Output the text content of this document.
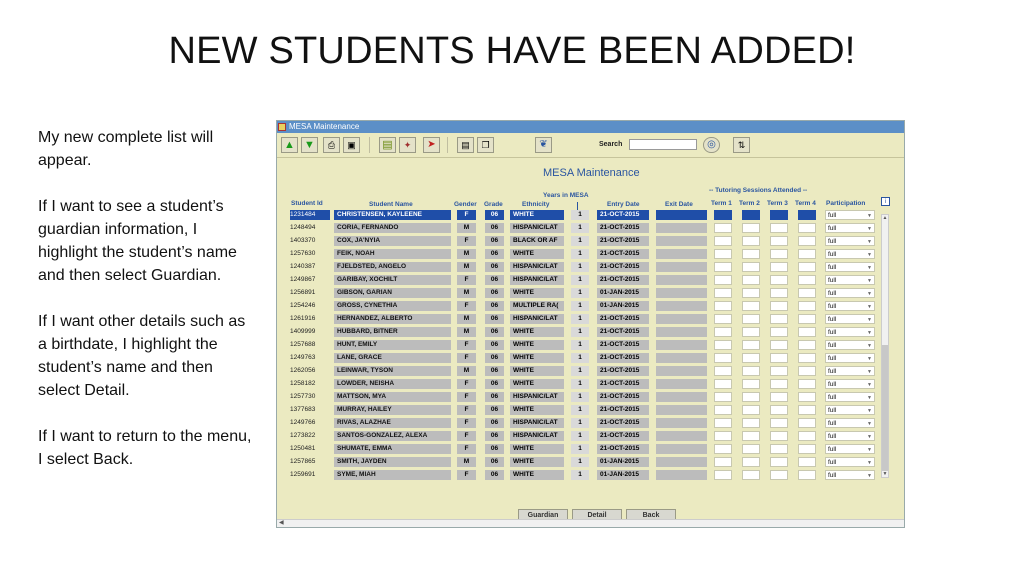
NEW STUDENTS HAVE BEEN ADDED!

My new complete list will appear.

If I want to see a student’s guardian information, I highlight the student’s name and then select Guardian.

If I want other details such as a birthdate, I highlight the student’s name and then select Detail.

If I want to return to the menu, I select Back.

MESA Maintenance
▲ ▼	⎙	▣	▤	✦	➤	▤	❐	❦	Search	◎	⇅
MESA Maintenance
Student Id	Student Name	Gender Grade	Ethnicity
Years in MESA
Entry Date	Exit Date
-- Tutoring Sessions Attended --
Term 1 Term 2 Term 3 Term 4 Participation	i
1231484	CHRISTENSEN, KAYLEENE	F	06	WHITE	1	21-OCT-2015	full	▼
1248494	CORIA, FERNANDO	M	06	HISPANIC/LAT	1	21-OCT-2015	full	▼
1403370	COX, JA'NYIA	F	06	BLACK OR AF	1	21-OCT-2015	full	▼
1257630	FEIK, NOAH	M	06	WHITE	1	21-OCT-2015	full	▼
1240387	FJELDSTED, ANGELO	M	06	HISPANIC/LAT	1	21-OCT-2015	full	▼
1249867	GARIBAY, XOCHILT	F	06	HISPANIC/LAT	1	21-OCT-2015	full	▼
1256891	GIBSON, GARIAN	M	06	WHITE	1	01-JAN-2015	full	▼
1254246	GROSS, CYNETHIA	F	06	MULTIPLE RA(	1	01-JAN-2015	full	▼
1261916	HERNANDEZ, ALBERTO	M	06	HISPANIC/LAT	1	21-OCT-2015	full	▼
1409999	HUBBARD, BITNER	M	06	WHITE	1	21-OCT-2015	full	▼
1257688	HUNT, EMILY	F	06	WHITE	1	21-OCT-2015	full	▼
1249763	LANE, GRACE	F	06	WHITE	1	21-OCT-2015	full	▼
1262056	LEINWAR, TYSON	M	06	WHITE	1	21-OCT-2015	full	▼
1258182	LOWDER, NEISHA	F	06	WHITE	1	21-OCT-2015	full	▼
1257730	MATTSON, MYA	F	06	HISPANIC/LAT	1	21-OCT-2015	full	▼
1377683	MURRAY, HAILEY	F	06	WHITE	1	21-OCT-2015	full	▼
1249766	RIVAS, ALAZHAE	F	06	HISPANIC/LAT	1	21-OCT-2015	full	▼
1273822	SANTOS-GONZALEZ, ALEXA	F	06	HISPANIC/LAT	1	21-OCT-2015	full	▼
1250481	SHUMATE, EMMA	F	06	WHITE	1	21-OCT-2015	full	▼
1257865	SMITH, JAYDEN	M	06	WHITE	1	01-JAN-2015	full	▼
1259691	SYME, MIAH	F	06	WHITE	1	01-JAN-2015	full	▼
▲
▼
Guardian	Detail	Back
◀
